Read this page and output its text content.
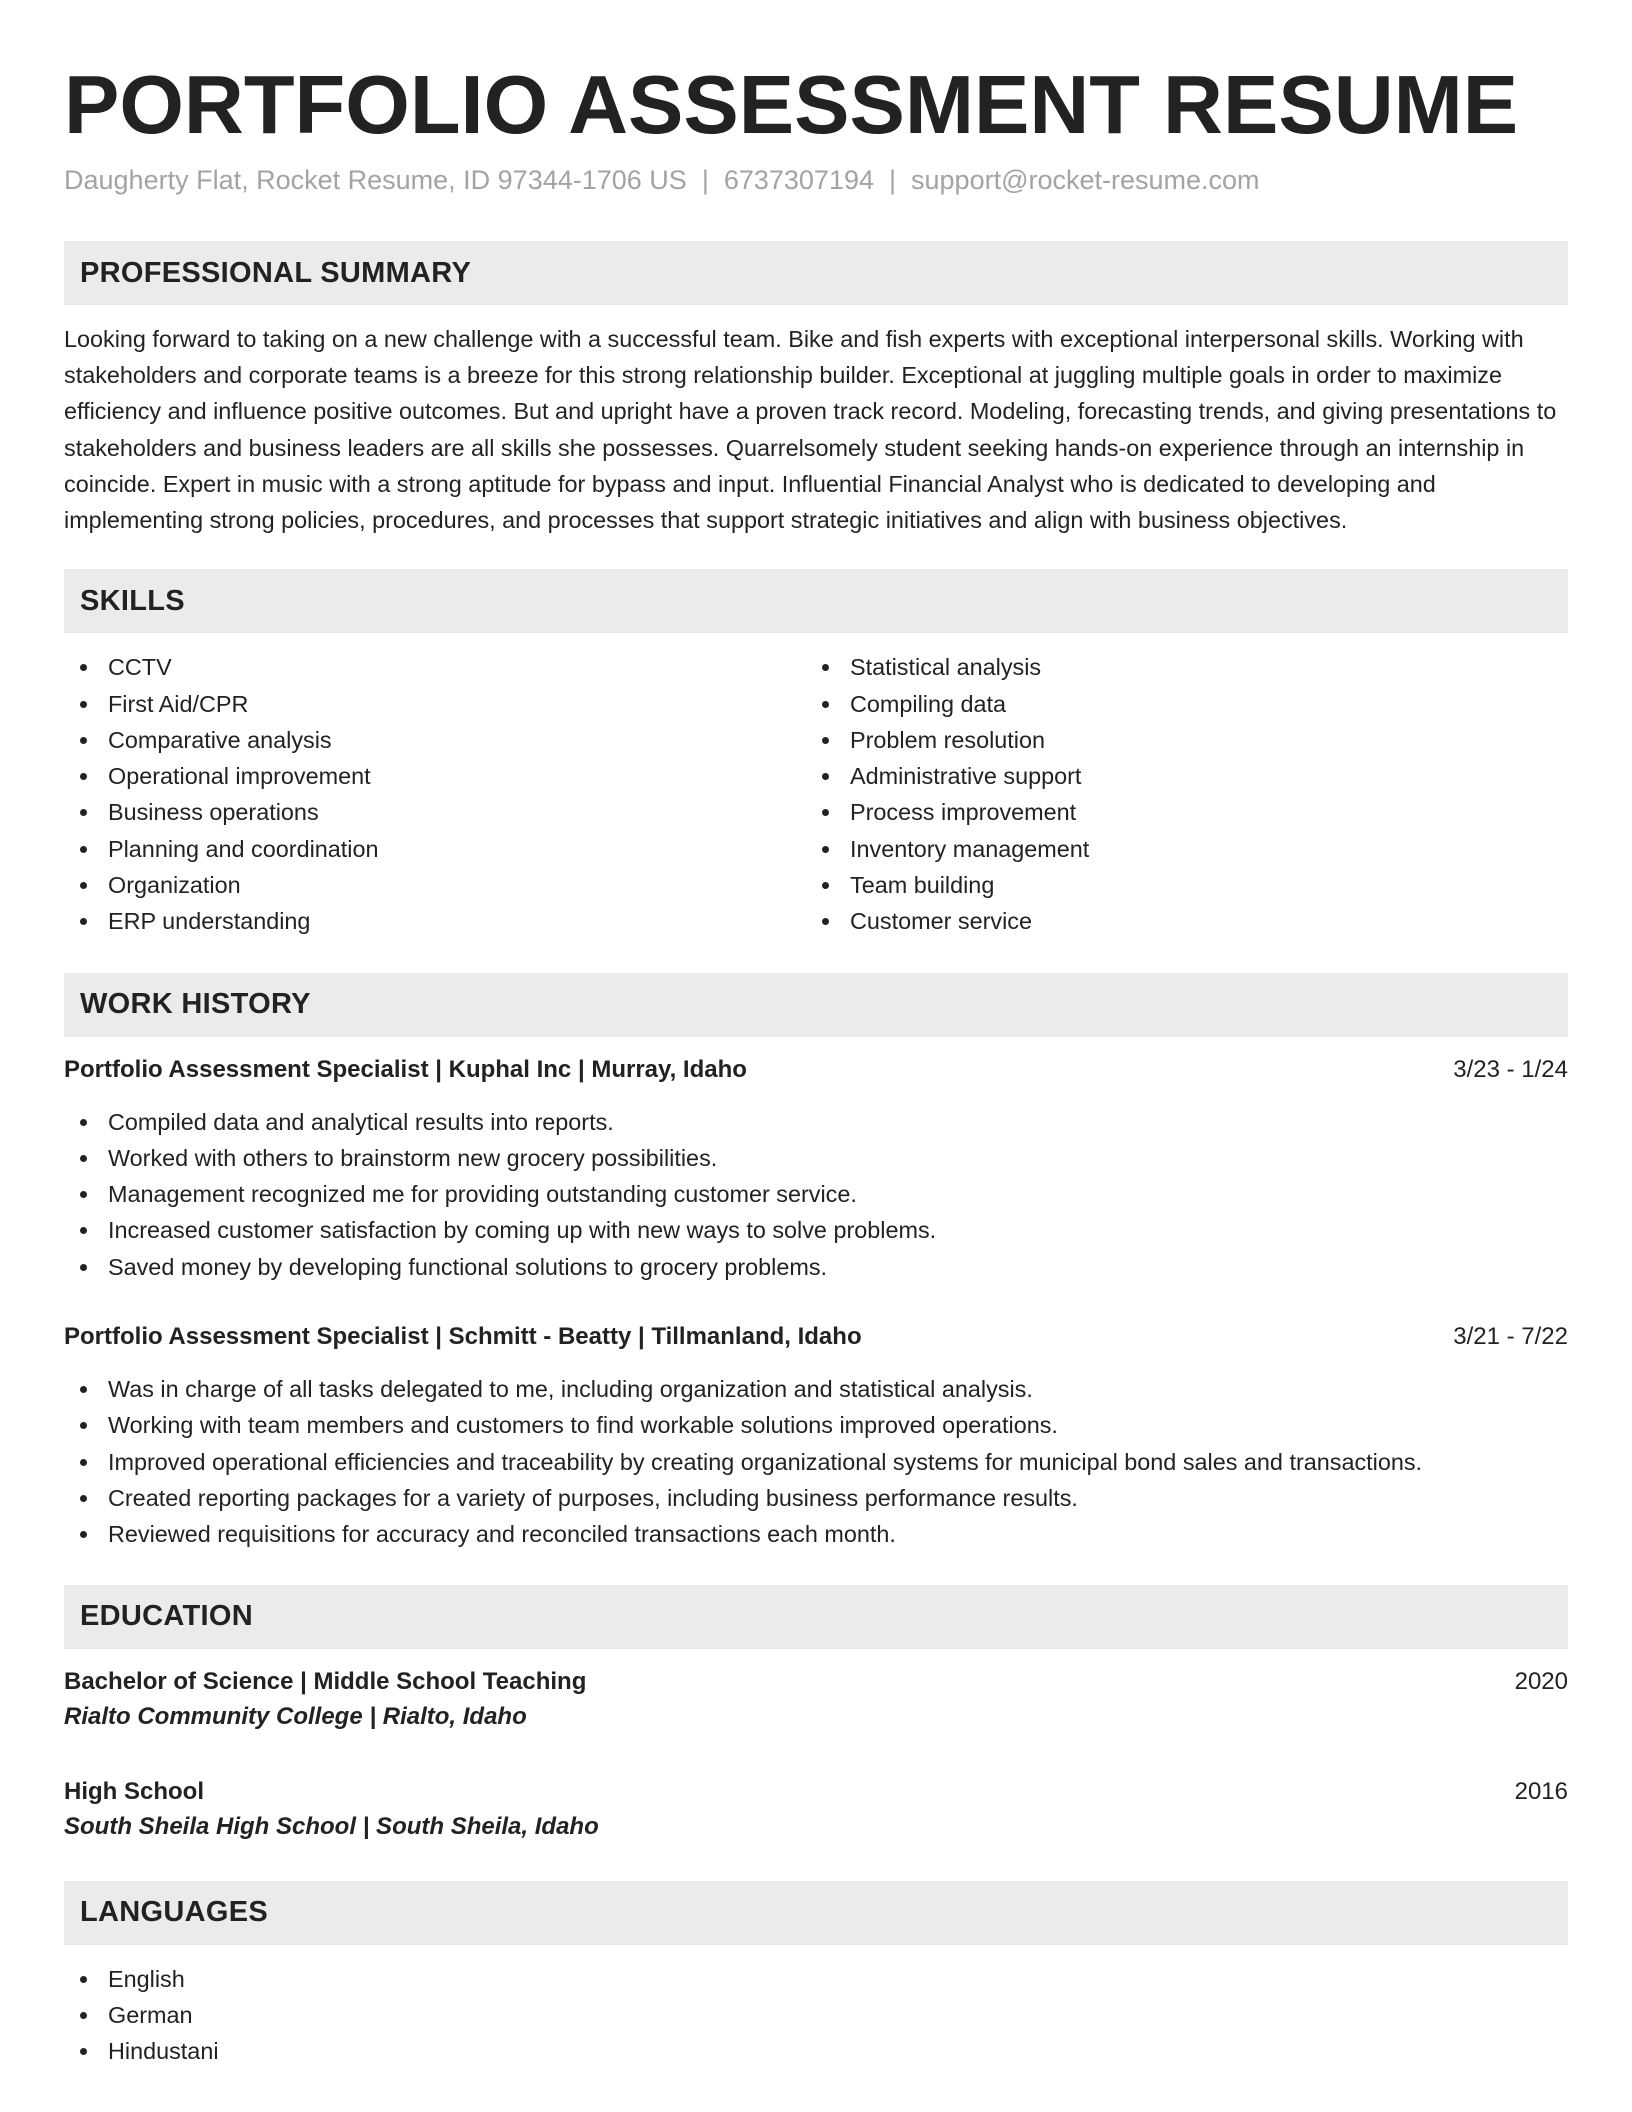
PORTFOLIO ASSESSMENT RESUME
Daugherty Flat, Rocket Resume, ID 97344-1706 US | 6737307194 | support@rocket-resume.com
PROFESSIONAL SUMMARY

Looking forward to taking on a new challenge with a successful team. Bike and fish experts with exceptional interpersonal skills. Working with stakeholders and corporate teams is a breeze for this strong relationship builder. Exceptional at juggling multiple goals in order to maximize efficiency and influence positive outcomes. But and upright have a proven track record. Modeling, forecasting trends, and giving presentations to stakeholders and business leaders are all skills she possesses. Quarrelsomely student seeking hands-on experience through an internship in coincide. Expert in music with a strong aptitude for bypass and input. Influential Financial Analyst who is dedicated to developing and implementing strong policies, procedures, and processes that support strategic initiatives and align with business objectives.

SKILLS
CCTV
First Aid/CPR
Comparative analysis
Operational improvement
Business operations
Planning and coordination
Organization
ERP understanding
Statistical analysis
Compiling data
Problem resolution
Administrative support
Process improvement
Inventory management
Team building
Customer service
WORK HISTORY
Portfolio Assessment Specialist | Kuphal Inc | Murray, Idaho	3/23 - 1/24
Compiled data and analytical results into reports.
Worked with others to brainstorm new grocery possibilities.
Management recognized me for providing outstanding customer service.
Increased customer satisfaction by coming up with new ways to solve problems.
Saved money by developing functional solutions to grocery problems.
Portfolio Assessment Specialist | Schmitt - Beatty | Tillmanland, Idaho	3/21 - 7/22
Was in charge of all tasks delegated to me, including organization and statistical analysis.
Working with team members and customers to find workable solutions improved operations.
Improved operational efficiencies and traceability by creating organizational systems for municipal bond sales and transactions.
Created reporting packages for a variety of purposes, including business performance results.
Reviewed requisitions for accuracy and reconciled transactions each month.
EDUCATION
Bachelor of Science | Middle School Teaching	2020
Rialto Community College | Rialto, Idaho
High School	2016
South Sheila High School | South Sheila, Idaho
LANGUAGES
English
German
Hindustani
